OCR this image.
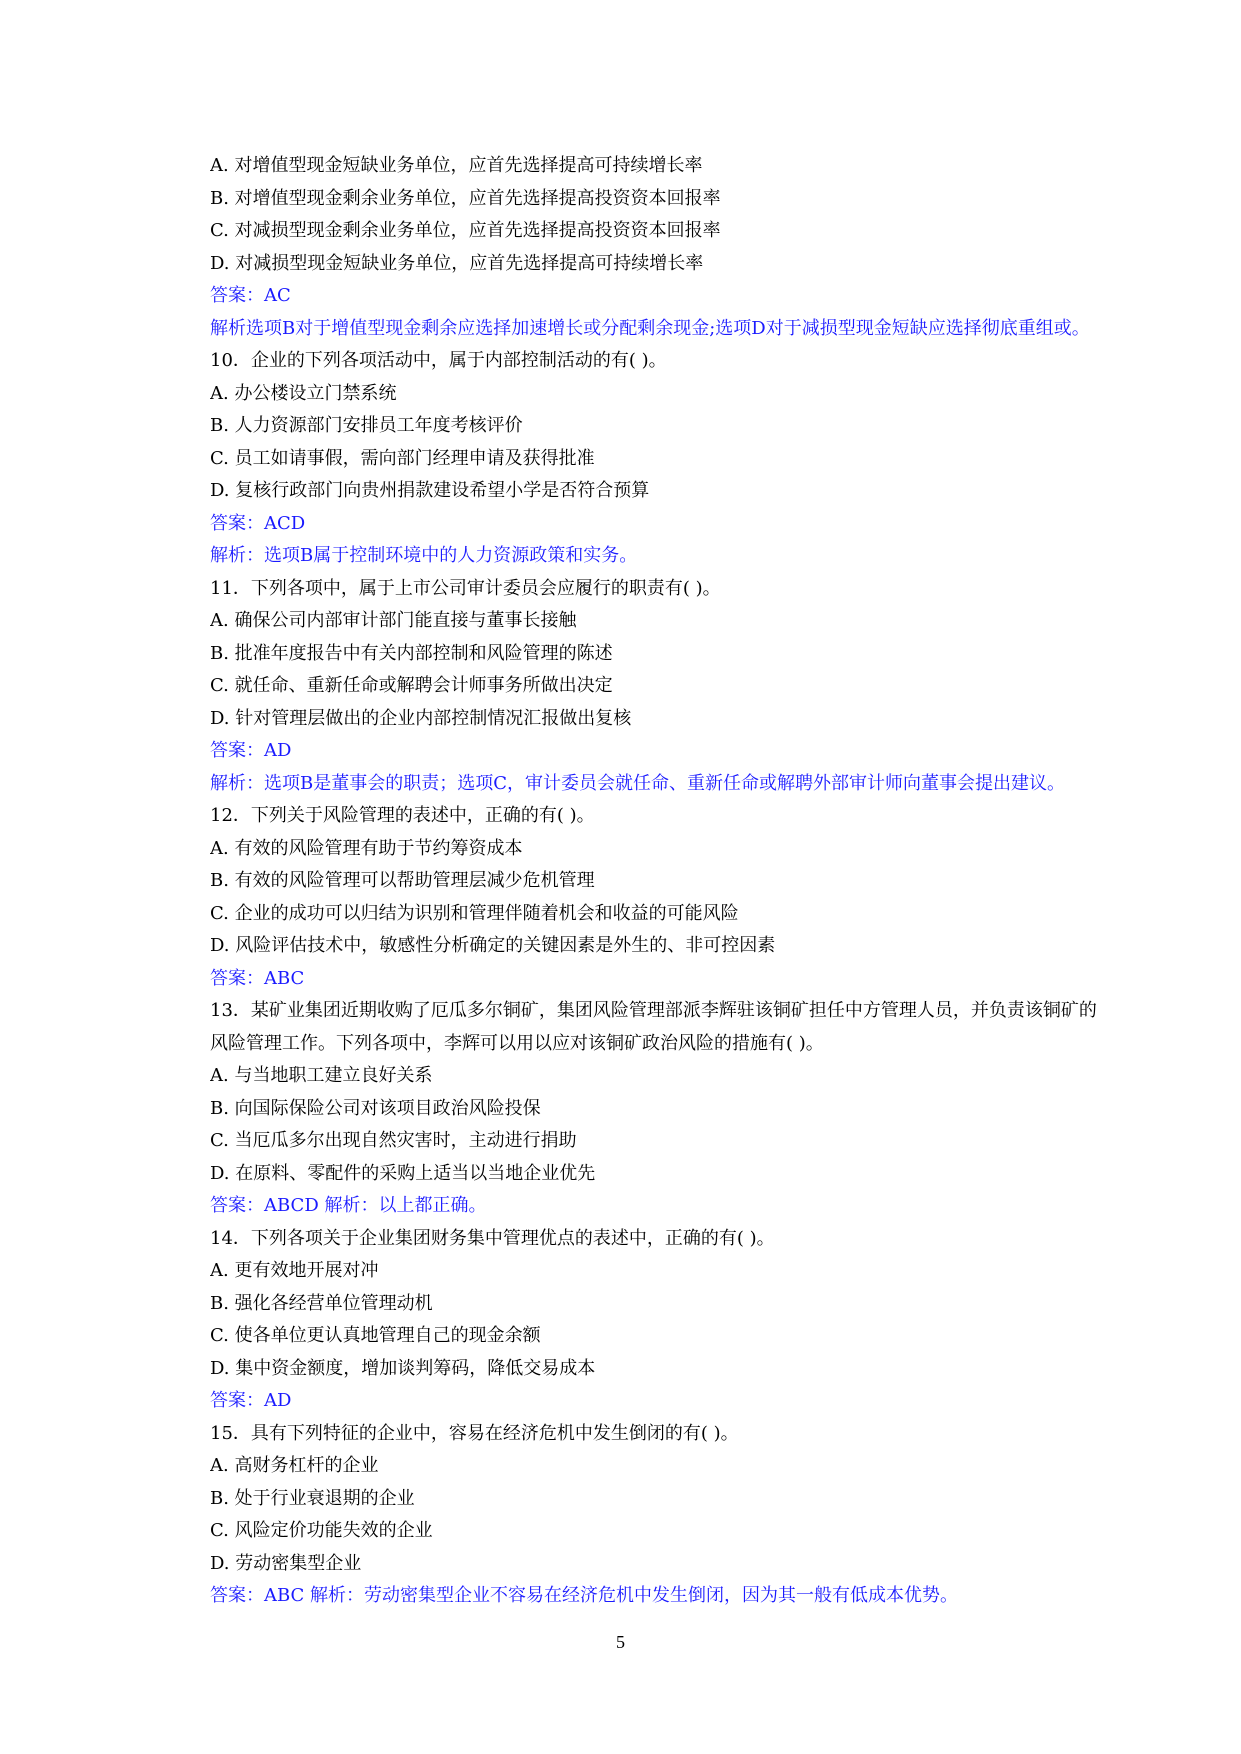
A. 对增值型现金短缺业务单位，应首先选择提高可持续增长率
B. 对增值型现金剩余业务单位，应首先选择提高投资资本回报率
C. 对减损型现金剩余业务单位，应首先选择提高投资资本回报率
D. 对减损型现金短缺业务单位，应首先选择提高可持续增长率
答案：AC
解析选项B对于增值型现金剩余应选择加速增长或分配剩余现金;选项D对于减损型现金短缺应选择彻底重组或。
10．企业的下列各项活动中，属于内部控制活动的有( )。
A. 办公楼设立门禁系统
B. 人力资源部门安排员工年度考核评价
C. 员工如请事假，需向部门经理申请及获得批准
D. 复核行政部门向贵州捐款建设希望小学是否符合预算
答案：ACD
解析：选项B属于控制环境中的人力资源政策和实务。
11．下列各项中，属于上市公司审计委员会应履行的职责有( )。
A. 确保公司内部审计部门能直接与董事长接触
B. 批准年度报告中有关内部控制和风险管理的陈述
C. 就任命、重新任命或解聘会计师事务所做出决定
D. 针对管理层做出的企业内部控制情况汇报做出复核
答案：AD
解析：选项B是董事会的职责；选项C，审计委员会就任命、重新任命或解聘外部审计师向董事会提出建议。
12．下列关于风险管理的表述中，正确的有( )。
A. 有效的风险管理有助于节约筹资成本
B. 有效的风险管理可以帮助管理层减少危机管理
C. 企业的成功可以归结为识别和管理伴随着机会和收益的可能风险
D. 风险评估技术中，敏感性分析确定的关键因素是外生的、非可控因素
答案：ABC
13．某矿业集团近期收购了厄瓜多尔铜矿，集团风险管理部派李辉驻该铜矿担任中方管理人员，并负责该铜矿的
风险管理工作。下列各项中，李辉可以用以应对该铜矿政治风险的措施有( )。
A. 与当地职工建立良好关系
B. 向国际保险公司对该项目政治风险投保
C. 当厄瓜多尔出现自然灾害时，主动进行捐助
D. 在原料、零配件的采购上适当以当地企业优先
答案：ABCD 解析：以上都正确。
14．下列各项关于企业集团财务集中管理优点的表述中，正确的有( )。
A. 更有效地开展对冲
B. 强化各经营单位管理动机
C. 使各单位更认真地管理自己的现金余额
D. 集中资金额度，增加谈判筹码，降低交易成本
答案：AD
15．具有下列特征的企业中，容易在经济危机中发生倒闭的有( )。
A. 高财务杠杆的企业
B. 处于行业衰退期的企业
C. 风险定价功能失效的企业
D. 劳动密集型企业
答案：ABC 解析：劳动密集型企业不容易在经济危机中发生倒闭，因为其一般有低成本优势。
5
